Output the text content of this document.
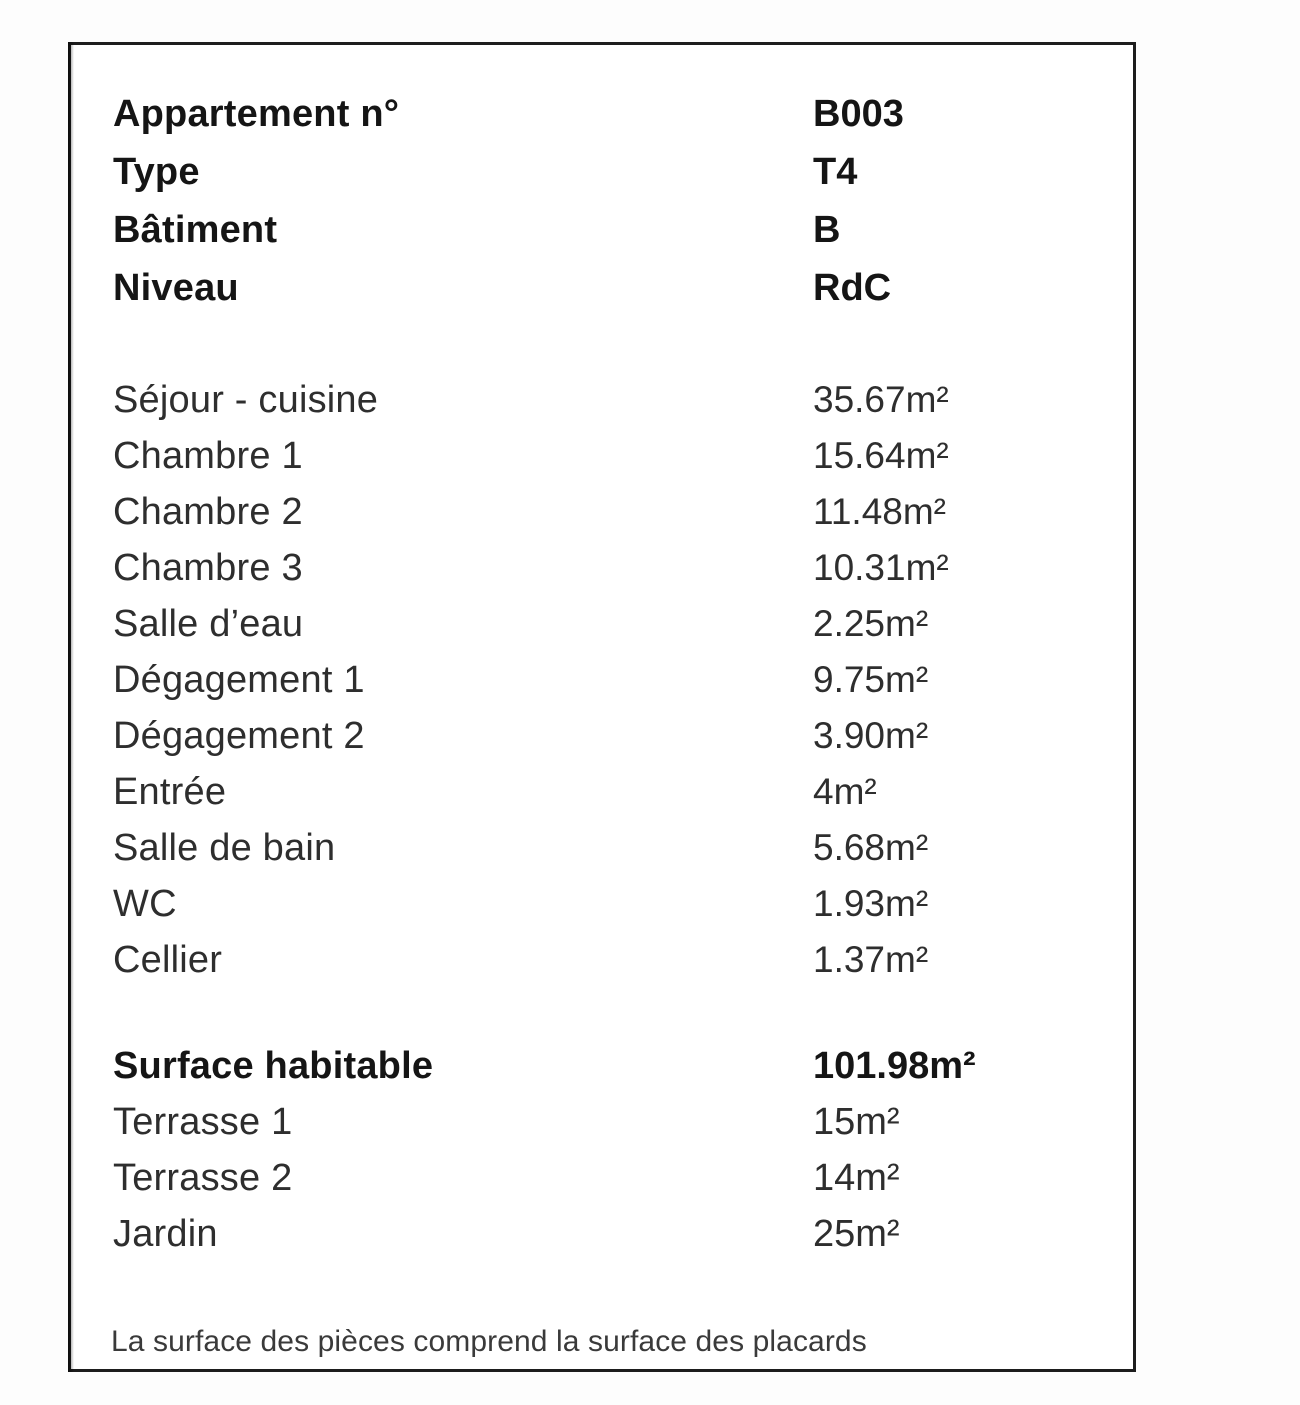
Appartement n°	B003
Type	T4
Bâtiment	B
Niveau	RdC
Séjour - cuisine	35.67m²
Chambre 1	15.64m²
Chambre 2	11.48m²
Chambre 3	10.31m²
Salle d’eau	2.25m²
Dégagement 1	9.75m²
Dégagement 2	3.90m²
Entrée	4m²
Salle de bain	5.68m²
WC	1.93m²
Cellier	1.37m²
Surface habitable	101.98m²
Terrasse 1	15m²
Terrasse 2	14m²
Jardin	25m²
La surface des pièces comprend la surface des placards
